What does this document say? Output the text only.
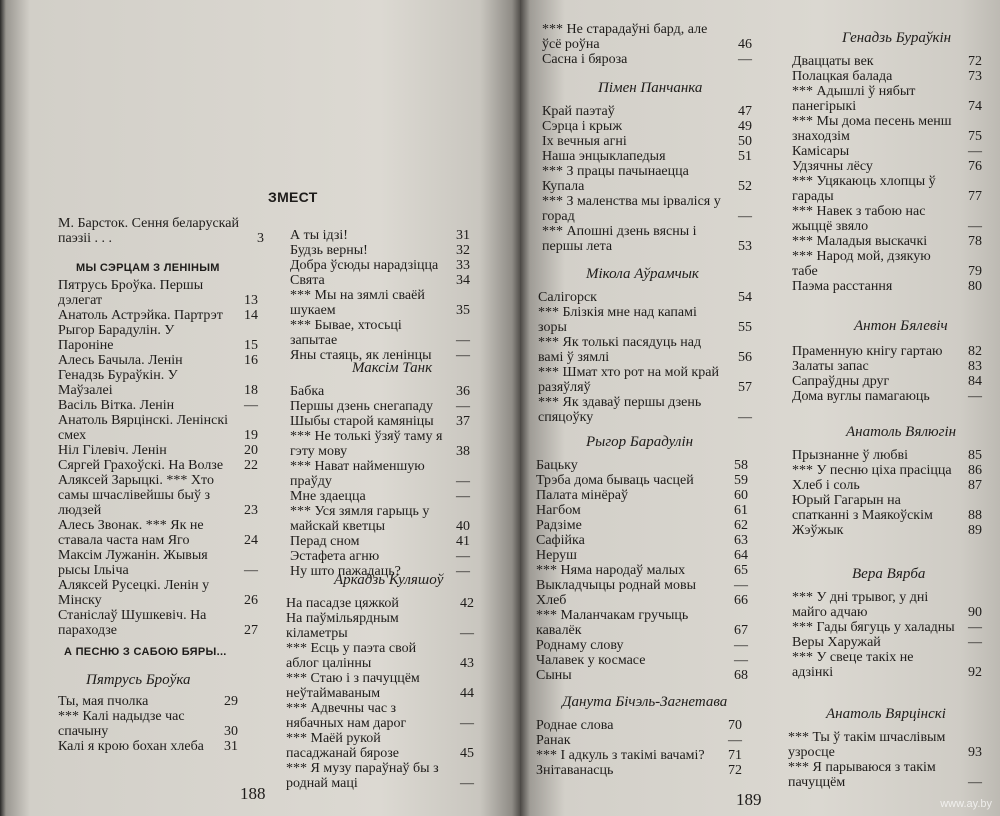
ЗМЕСТ
М. Барсток. Сення беларускай паэзii . . .	3
МЫ СЭРЦАМ З ЛЕНIНЫМ
Пятрусь Броўка. Першы
дэлегат	13
Анатоль Астрэйка. Партрэт 14
Рыгор Барадулiн. У Пароніне	15
Алесь Бачыла. Ленiн	16
Генадзь Бураўкiн. У Маўзалеi	18
Васiль Вiтка. Ленiн	—
Анатоль Вярцiнскi. Ленiнскi смех	19
Нiл Гiлевiч. Ленiн	20
Сяргей Грахоўскi. На Волзе 22
Аляксей Зарыцкi. *** Хто самы шчаслiвейшы быў з людзей	23
Алесь Звонак. *** Як не ставала часта нам Яго	24
Максiм Лужанiн. Жывыя рысы Iльiча	—
Аляксей Русецкi. Ленiн у Мiнску	26
Станiслаў Шушкевiч. На параходзе	27
А ПЕСНЮ З САБОЮ БЯРЫ...
Пятрусь Броўка
Ты, мая пчолка	29
*** Калi надыдзе час спачыну	30
Калi я крою бохан хлеба 31
А ты iдзi!	31
Будзь верны!	32
Добра ўсюды нарадзiцца 33
Свята	34
*** Мы на зямлi сваёй шукаем	35
*** Бывае, хтосьцi запытае	—
Яны стаяць, як ленiнцы —
Максiм Танк
Бабка	36
Першы дзень снегападу —
Шыбы старой камянiцы 37
*** Не толькi ўзяў таму я гэту мову	38
*** Нават найменшую праўду	—
Мне здаецца	—
*** Уся зямля гарыць у майскай кветцы	40
Перад сном	41
Эстафета агню	—
Ну што пажадаць?	—
Аркадзь Куляшоў
На пасадзе цяжкой	42
На паўмiльярдным кiламетры	—
*** Есць у паэта свой аблог цалiнны	43
*** Стаю i з пачуццём неўтаймаваным	44
*** Адвечны час з нябачных нам дарог	—
*** Маёй рукой пасаджанай бярозе	45
*** Я музу параўнаў бы з роднай мацi	—
188
*** Не старадаўнi бард, але ўсё роўна	46
Сасна i бяроза	—
Пiмен Панчанка
Край паэтаў	47
Сэрца i крыж	49
Iх вечныя агнi	50
Наша энцыклапедыя	51
*** З працы пачынаецца Купала	52
*** З маленства мы iрвалiся у горад	—
*** Апошнi дзень вясны i першы лета	53
Мiкола Аўрамчык
Салiгорск	54
*** Блiзкiя мне над капамi зоры	55
*** Як толькi пасядуць над вамi ў зямлi	56
*** Шмат хто рот на мой край разяўляў	57
*** Як здаваў першы дзень спяцоўку	—
Рыгор Барадулiн
Бацьку	58
Трэба дома бываць часцей	59
Палата мiнёраў	60
Нагбом	61
Радзiме	62
Сафiйка	63
Неруш	64
*** Няма народаў малых	65
Выкладчыцы роднай мовы	—
Хлеб	66
*** Маланчакам гручыць кавалёк	67
Роднаму слову	—
Чалавек у космасе	—
Сыны	68
Данута Бiчэль-Загнетава
Роднае слова	70
Ранак	—
*** I адкуль з такiмi вачамi? 71
Знiтаванасць	72
Генадзь Бураўкiн
Дваццаты век	72
Полацкая балада	73
*** Адышлi ў нябыт панегiрыкi	74
*** Мы дома песень менш знаходзiм	75
Камiсары	—
Удзячны лёсу	76
*** Уцякаюць хлопцы ў гарады	77
*** Навек з табою нас жыццё звяло	—
*** Маладыя выскачкi	78
*** Народ мой, дзякую табе	79
Паэма расстання	80
Антон Бялевiч
Праменную кнiгу гартаю 82
Залаты запас	83
Сапраўдны друг	84
Дома вуглы памагаюць	—
Анатоль Вялюгiн
Прызнанне ў любвi	85
*** У песню цiха прасiцца 86
Хлеб i соль	87
Юрый Гагарын на спатканнi з Маякоўскiм	88
Жэўжык	89
Вера Вярба
*** У днi трывог, у днi майго адчаю	90
*** Гады бягуць у халадны —
Веры Харужай	—
*** У свеце такiх не адзiнкi	92
Анатоль Вярцiнскi
*** Ты ў такiм шчаслiвым узросце	93
*** Я парываюся з такiм пачуццём	—
189	www.ay.by
